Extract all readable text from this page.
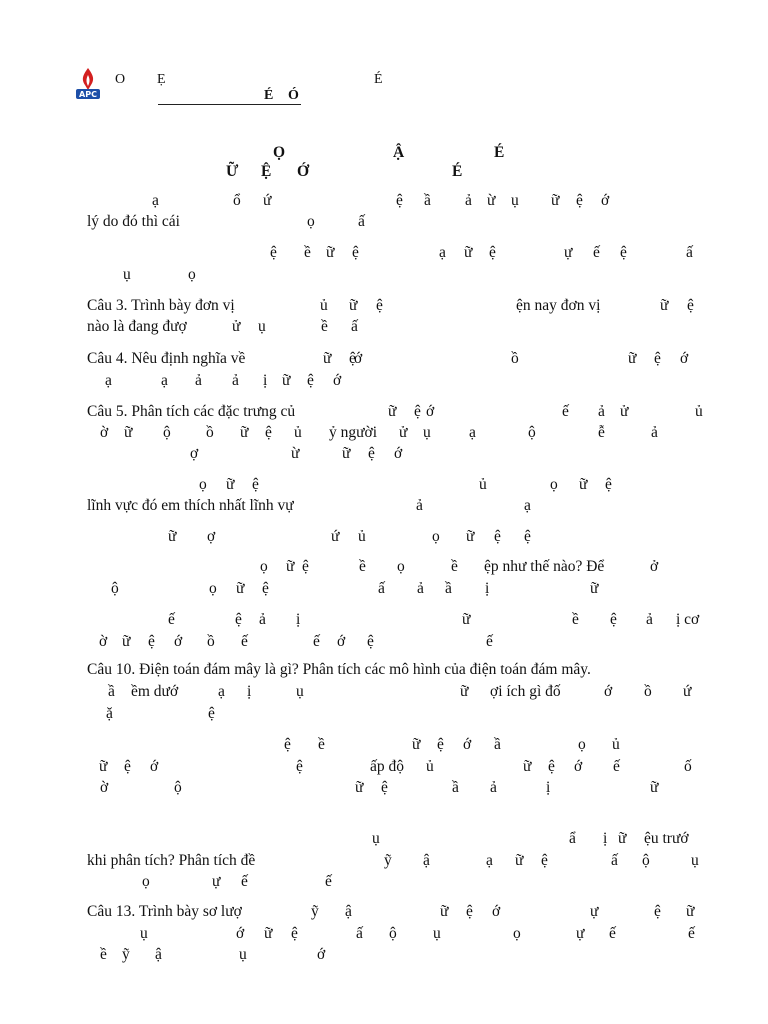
APC
O Ẹ	É
É Ó
Ọ	Ậ	É
Ữ Ệ Ớ	É
ạ	ổ ứ	ệ ầ ả ừ ụ ữ ệ ớ
lý do đó thì cái	ọ	ấ
ệ ề ữ ệ	ạ ữ ệ	ự ế ệ	ấ
ụ	ọ
Câu 3. Trình bày đơn vị	ủ ữ ệ	ện nay đơn vị	ữ ệ
nào là đang đượ	ử ụ	ề ấ
Câu 4. Nêu định nghĩa về	ữ ệ
ớ	ồ	ữ ệ ớ
ạ	ạ ả ả ị ữ ệ ớ
Câu 5. Phân tích các đặc trưng củ	ữ ệ ớ	ế ả ử	ủ
ờ ữ ộ ồ ữ ệ ủ ỷ người ử ụ ạ	ộ	ễ	ả
ợ	ừ	ữ ệ ớ
ọ ữ ệ	ủ	ọ ữ ệ
lĩnh vực đó em thích nhất lĩnh vự	ả	ạ
ữ ợ	ứ ủ	ọ ữ ệ ệ
ọ ữ ệ	ề ọ	ề ệp như thế nào? Để	ở
ộ	ọ ữ ệ	ấ ả ầ ị	ữ
ế	ệ ả ị	ữ	ề ệ ả ị cơ
ờ ữ ệ ớ ồ ế	ế ớ ệ	ế
Câu 10. Điện toán đám mây là gì? Phân tích các mô hình của điện toán đám mây.
ầ ềm dướ	ạ ị	ụ	ữ ợi ích gì đố	ớ ồ ứ
ặ	ệ
ệ ề	ữ ệ ớ ầ	ọ ủ
ữ ệ ớ	ệ	ấp độ ủ	ữ ệ ớ ế	ố
ờ	ộ	ữ ệ	ầ ả	ị	ữ
ụ	ẩ ị ữ ệu trướ
khi phân tích? Phân tích đề	ỹ ậ	ạ ữ ệ	ấ ộ	ụ
ọ	ự ế	ế
Câu 13. Trình bày sơ lượ	ỹ ậ	ữ ệ ớ	ự	ệ ữ
ụ	ớ ữ ệ	ấ ộ ụ	ọ	ự ế	ế
ề ỹ ậ	ụ	ớ
